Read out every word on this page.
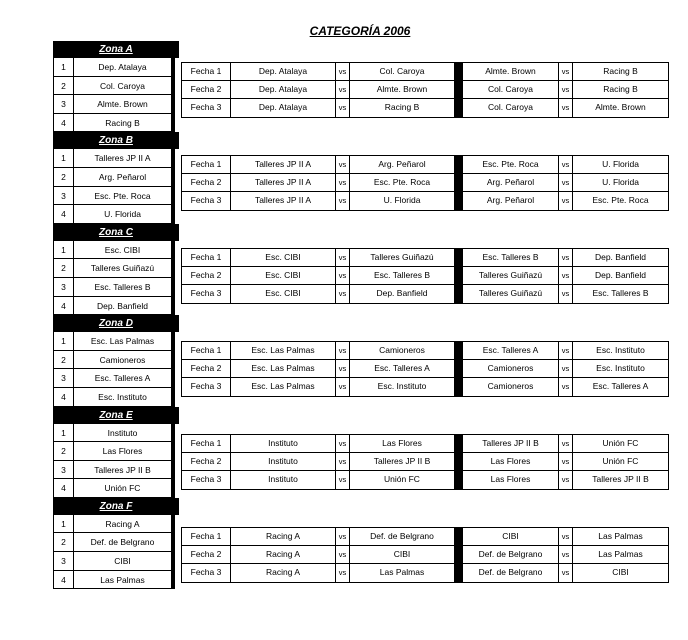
CATEGORÍA 2006
Zona A
1	Dep. Atalaya
2	Col. Caroya
3	Almte. Brown
4	Racing B
Zona B
1	Talleres JP II A
2	Arg. Peñarol
3	Esc. Pte. Roca
4	U. Florida
Zona C
1	Esc. CIBI
2	Talleres Guiñazú
3	Esc. Talleres B
4	Dep. Banfield
Zona D
1	Esc. Las Palmas
2	Camioneros
3	Esc. Talleres A
4	Esc. Instituto
Zona E
1	Instituto
2	Las Flores
3	Talleres JP II B
4	Unión FC
Zona F
1	Racing A
2	Def. de Belgrano
3	CIBI
4	Las Palmas
Fecha 1	Dep. Atalaya	vs	Col. Caroya	Almte. Brown	vs	Racing B
Fecha 2	Dep. Atalaya	vs	Almte. Brown	Col. Caroya	vs	Racing B
Fecha 3	Dep. Atalaya	vs	Racing B	Col. Caroya	vs	Almte. Brown
Fecha 1	Talleres JP II A	vs	Arg. Peñarol	Esc. Pte. Roca	vs	U. Florida
Fecha 2	Talleres JP II A	vs	Esc. Pte. Roca	Arg. Peñarol	vs	U. Florida
Fecha 3	Talleres JP II A	vs	U. Florida	Arg. Peñarol	vs	Esc. Pte. Roca
Fecha 1	Esc. CIBI	vs	Talleres Guiñazú	Esc. Talleres B	vs	Dep. Banfield
Fecha 2	Esc. CIBI	vs	Esc. Talleres B	Talleres Guiñazú	vs	Dep. Banfield
Fecha 3	Esc. CIBI	vs	Dep. Banfield	Talleres Guiñazú	vs	Esc. Talleres B
Fecha 1	Esc. Las Palmas	vs	Camioneros	Esc. Talleres A	vs	Esc. Instituto
Fecha 2	Esc. Las Palmas	vs	Esc. Talleres A	Camioneros	vs	Esc. Instituto
Fecha 3	Esc. Las Palmas	vs	Esc. Instituto	Camioneros	vs	Esc. Talleres A
Fecha 1	Instituto	vs	Las Flores	Talleres JP II B	vs	Unión FC
Fecha 2	Instituto	vs	Talleres JP II B	Las Flores	vs	Unión FC
Fecha 3	Instituto	vs	Unión FC	Las Flores	vs	Talleres JP II B
Fecha 1	Racing A	vs	Def. de Belgrano	CIBI	vs	Las Palmas
Fecha 2	Racing A	vs	CIBI	Def. de Belgrano	vs	Las Palmas
Fecha 3	Racing A	vs	Las Palmas	Def. de Belgrano	vs	CIBI
